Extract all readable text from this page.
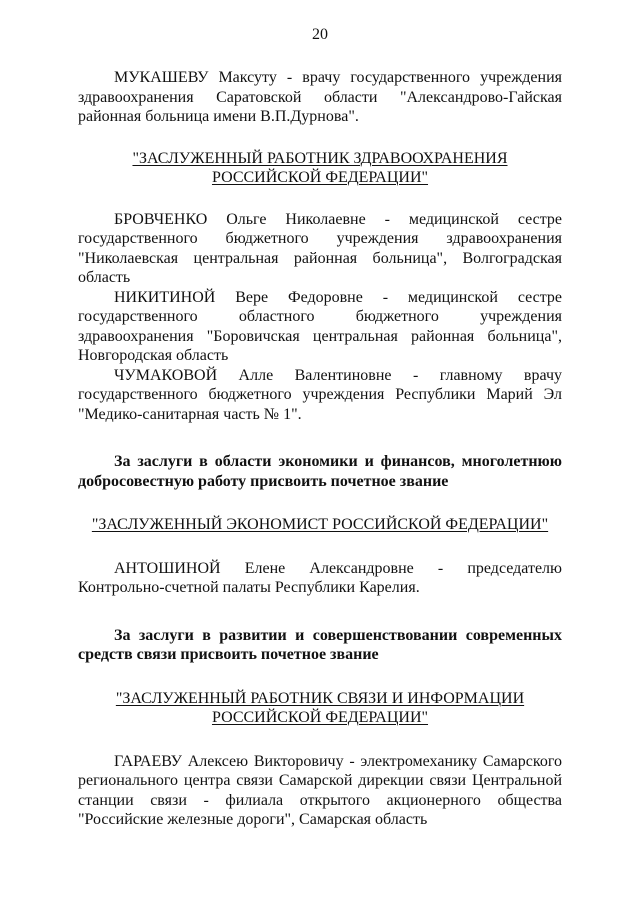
20

МУКАШЕВУ Максуту - врачу государственного учреждения здравоохранения Саратовской области "Александрово-Гайская районная больница имени В.П.Дурнова".

"ЗАСЛУЖЕННЫЙ РАБОТНИК ЗДРАВООХРАНЕНИЯ
РОССИЙСКОЙ ФЕДЕРАЦИИ"

БРОВЧЕНКО Ольге Николаевне - медицинской сестре государственного бюджетного учреждения здравоохранения "Николаевская центральная районная больница", Волгоградская область

НИКИТИНОЙ Вере Федоровне - медицинской сестре государственного областного бюджетного учреждения здравоохранения "Боровичская центральная районная больница", Новгородская область

ЧУМАКОВОЙ Алле Валентиновне - главному врачу государственного бюджетного учреждения Республики Марий Эл "Медико-санитарная часть № 1".

За заслуги в области экономики и финансов, многолетнюю добросовестную работу присвоить почетное звание

"ЗАСЛУЖЕННЫЙ ЭКОНОМИСТ РОССИЙСКОЙ ФЕДЕРАЦИИ"

АНТОШИНОЙ Елене Александровне - председателю Контрольно-счетной палаты Республики Карелия.

За заслуги в развитии и совершенствовании современных средств связи присвоить почетное звание

"ЗАСЛУЖЕННЫЙ РАБОТНИК СВЯЗИ И ИНФОРМАЦИИ
РОССИЙСКОЙ ФЕДЕРАЦИИ"

ГАРАЕВУ Алексею Викторовичу - электромеханику Самарского регионального центра связи Самарской дирекции связи Центральной станции связи - филиала открытого акционерного общества "Российские железные дороги", Самарская область
